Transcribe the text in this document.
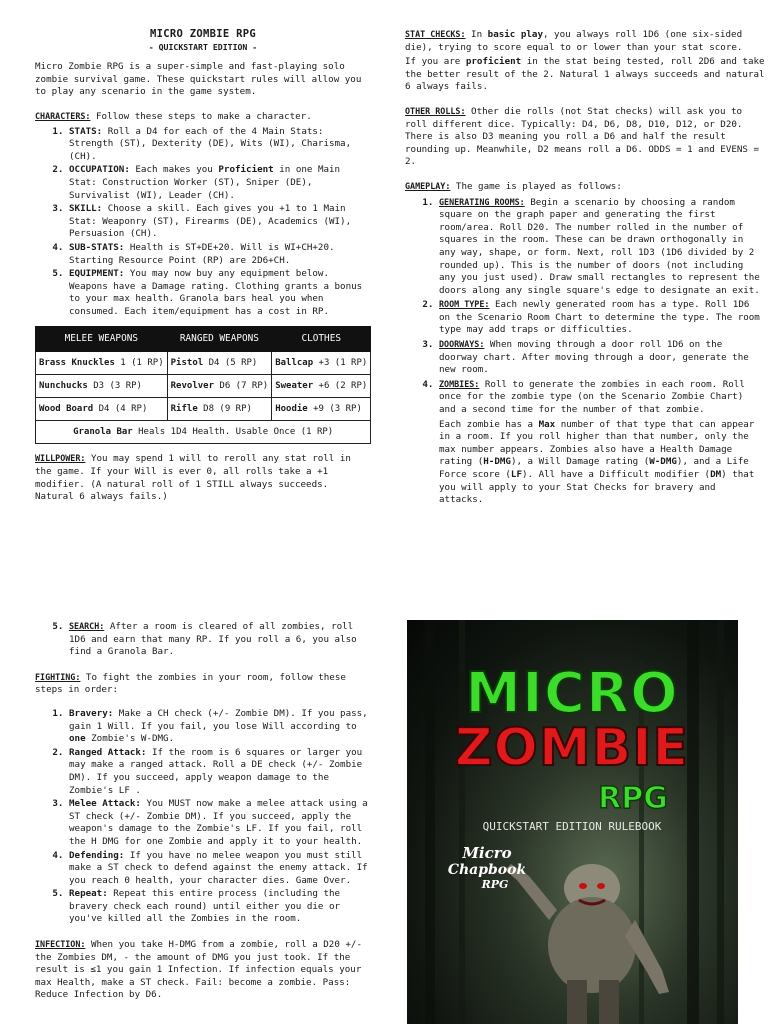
MICRO ZOMBIE RPG
- QUICKSTART EDITION -

Micro Zombie RPG is a super-simple and fast-playing solo zombie survival game. These quickstart rules will allow you to play any scenario in the game system.

CHARACTERS: Follow these steps to make a character.

1. STATS: Roll a D4 for each of the 4 Main Stats: Strength (ST), Dexterity (DE), Wits (WI), Charisma, (CH).
2. OCCUPATION: Each makes you Proficient in one Main Stat: Construction Worker (ST), Sniper (DE), Survivalist (WI), Leader (CH).
3. SKILL: Choose a skill. Each gives you +1 to 1 Main Stat: Weaponry (ST), Firearms (DE), Academics (WI), Persuasion (CH).
4. SUB-STATS: Health is ST+DE+20. Will is WI+CH+20. Starting Resource Point (RP) are 2D6+CH.
5. EQUIPMENT: You may now buy any equipment below. Weapons have a Damage rating. Clothing grants a bonus to your max health. Granola bars heal you when consumed. Each item/equipment has a cost in RP.
MELEE WEAPONS	RANGED WEAPONS	CLOTHES
Brass Knuckles 1 (1 RP)	Pistol D4 (5 RP)	Ballcap +3 (1 RP)
Nunchucks D3 (3 RP)	Revolver D6 (7 RP)	Sweater +6 (2 RP)
Wood Board D4 (4 RP)	Rifle D8 (9 RP)	Hoodie +9 (3 RP)
Granola Bar Heals 1D4 Health. Usable Once (1 RP)		

WILLPOWER: You may spend 1 will to reroll any stat roll in the game. If your Will is ever 0, all rolls take a +1 modifier. (A natural roll of 1 STILL always succeeds. Natural 6 always fails.)

STAT CHECKS: In basic play, you always roll 1D6 (one six-sided die), trying to score equal to or lower than your stat score.

If you are proficient in the stat being tested, roll 2D6 and take the better result of the 2. Natural 1 always succeeds and natural 6 always fails.

OTHER ROLLS: Other die rolls (not Stat checks) will ask you to roll different dice. Typically: D4, D6, D8, D10, D12, or D20. There is also D3 meaning you roll a D6 and half the result rounding up. Meanwhile, D2 means roll a D6. ODDS = 1 and EVENS = 2.

GAMEPLAY: The game is played as follows:

1. GENERATING ROOMS: Begin a scenario by choosing a random square on the graph paper and generating the first room/area. Roll D20. The number rolled in the number of squares in the room. These can be drawn orthogonally in any way, shape, or form. Next, roll 1D3 (1D6 divided by 2 rounded up). This is the number of doors (not including any you just used). Draw small rectangles to represent the doors along any single square's edge to designate an exit.
2. ROOM TYPE: Each newly generated room has a type. Roll 1D6 on the Scenario Room Chart to determine the type. The room type may add traps or difficulties.
3. DOORWAYS: When moving through a door roll 1D6 on the doorway chart. After moving through a door, generate the new room.
4. ZOMBIES: Roll to generate the zombies in each room. Roll once for the zombie type (on the Scenario Zombie Chart) and a second time for the number of that zombie.

Each zombie has a Max number of that type that can appear in a room. If you roll higher than that number, only the max number appears. Zombies also have a Health Damage rating (H-DMG), a Will Damage rating (W-DMG), and a Life Force score (LF). All have a Difficult modifier (DM) that you will apply to your Stat Checks for bravery and attacks.

5. SEARCH: After a room is cleared of all zombies, roll 1D6 and earn that many RP. If you roll a 6, you also find a Granola Bar.

FIGHTING: To fight the zombies in your room, follow these steps in order:

1. Bravery: Make a CH check (+/- Zombie DM). If you pass, gain 1 Will. If you fail, you lose Will according to one Zombie's W-DMG.
2. Ranged Attack: If the room is 6 squares or larger you may make a ranged attack. Roll a DE check (+/- Zombie DM). If you succeed, apply weapon damage to the Zombie's LF .
3. Melee Attack: You MUST now make a melee attack using a ST check (+/- Zombie DM). If you succeed, apply the weapon's damage to the Zombie's LF. If you fail, roll the H DMG for one Zombie and apply it to your health.
4. Defending: If you have no melee weapon you must still make a ST check to defend against the enemy attack. If you reach 0 health, your character dies. Game Over.
5. Repeat: Repeat this entire process (including the bravery check each round) until either you die or you've killed all the Zombies in the room.

INFECTION: When you take H-DMG from a zombie, roll a D20 +/- the Zombies DM, - the amount of DMG you just took. If the result is ≤1 you gain 1 Infection. If infection equals your max Health, make a ST check. Fail: become a zombie. Pass: Reduce Infection by D6.

MICRO
ZOMBIE
RPG
QUICKSTART EDITION RULEBOOK
Micro
Chapbook
RPG
